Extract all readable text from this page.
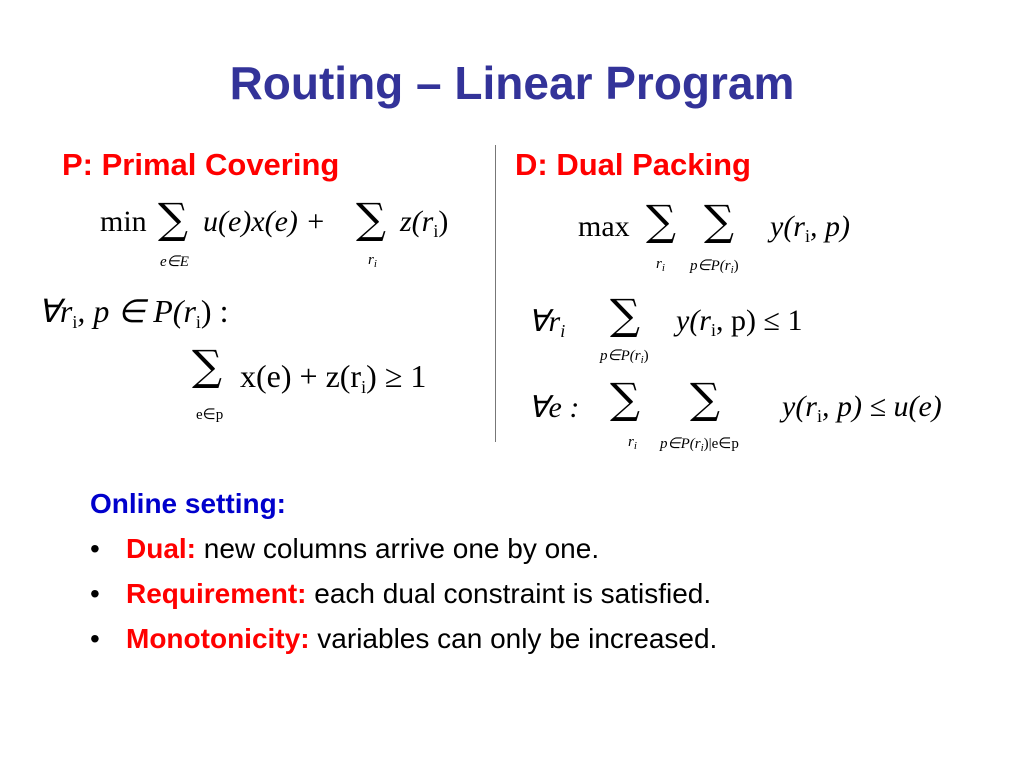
Routing – Linear Program
P: Primal Covering	D: Dual Packing
min ∑
e∈E
u(e)x(e) + ∑
$r_i$
$z(r_i)$
$\forall r_i$, p ∈ $P(r_i)$ :
∑
e∈p
$x(e) + z(r_i) \ge 1$
max ∑
$r_i$
∑
$p\in P(r_i)$
$y(r_i$, p)
$\forall r_i$ ∑
$p\in P(r_i)$
$y(r_i$, p) ≤ 1
∀e : ∑
$r_i$
∑
$p\in P(r_i)|e\in p$
$y(r_i$, p) ≤ u(e)
Online setting:
• Dual: new columns arrive one by one.
• Requirement: each dual constraint is satisfied.
• Monotonicity: variables can only be increased.
